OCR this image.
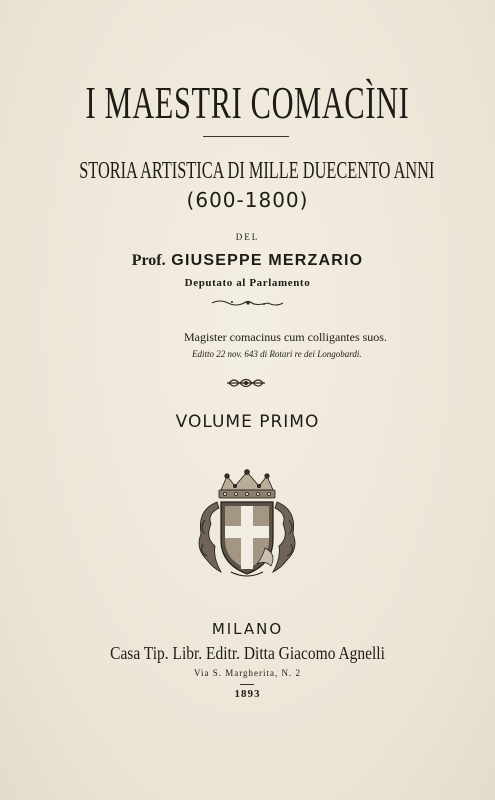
I MAESTRI COMACÌNI
STORIA ARTISTICA DI MILLE DUECENTO ANNI
(600-1800)
DEL
Prof. GIUSEPPE MERZARIO
Deputato al Parlamento
Magister comacinus cum colligantes suos.
Editto 22 nov. 643 di Rotari re dei Longobardi.
VOLUME PRIMO
MILANO
Casa Tip. Libr. Editr. Ditta Giacomo Agnelli
Via S. Margherita, N. 2
1893
